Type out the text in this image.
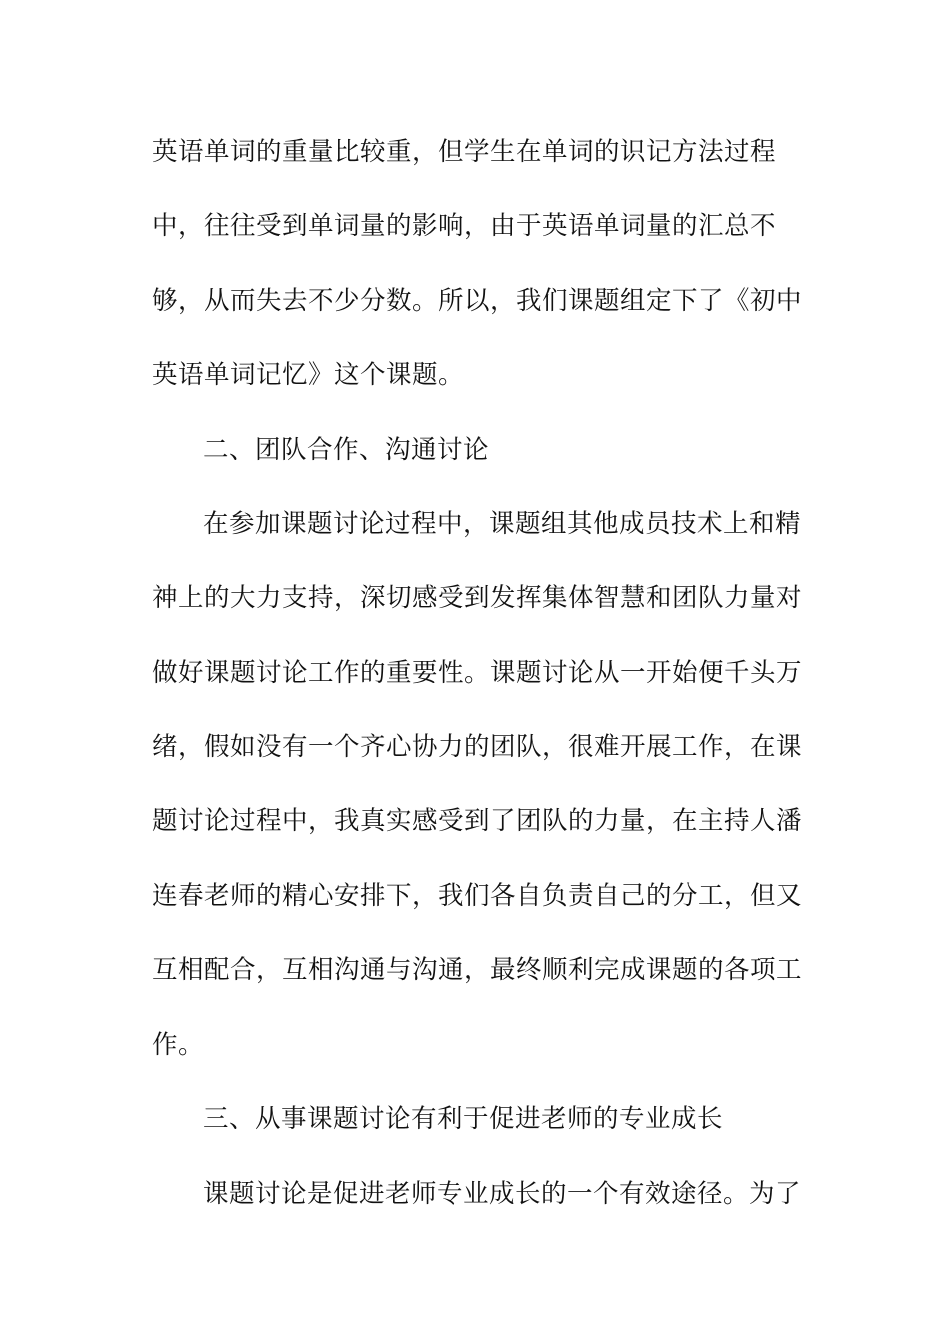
英语单词的重量比较重，但学生在单词的识记方法过程
中，往往受到单词量的影响，由于英语单词量的汇总不
够，从而失去不少分数。所以，我们课题组定下了《初中
英语单词记忆》这个课题。
二、团队合作、沟通讨论
在参加课题讨论过程中，课题组其他成员技术上和精
神上的大力支持，深切感受到发挥集体智慧和团队力量对
做好课题讨论工作的重要性。课题讨论从一开始便千头万
绪，假如没有一个齐心协力的团队，很难开展工作，在课
题讨论过程中，我真实感受到了团队的力量，在主持人潘
连春老师的精心安排下，我们各自负责自己的分工，但又
互相配合，互相沟通与沟通，最终顺利完成课题的各项工
作。
三、从事课题讨论有利于促进老师的专业成长
课题讨论是促进老师专业成长的一个有效途径。为了
